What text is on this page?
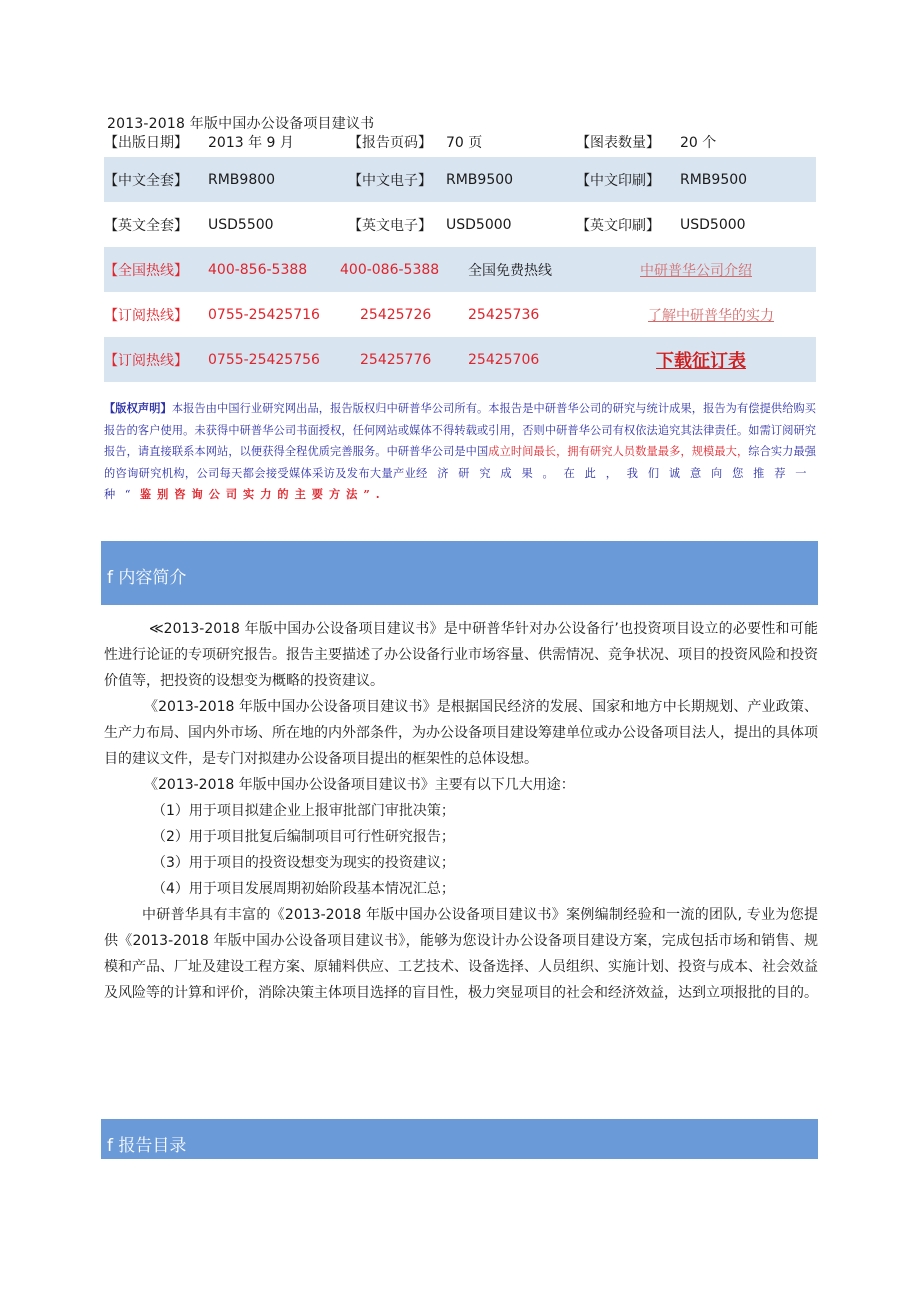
2013-2018 年版中国办公设备项目建议书
【出版日期】	2013 年 9 月	【报告页码】	70 页	【图表数量】	20 个
【中文全套】	RMB9800	【中文电子】	RMB9500	【中文印刷】	RMB9500
【英文全套】	USD5500	【英文电子】	USD5000	【英文印刷】	USD5000
【全国热线】	400-856-5388	400-086-5388	全国免费热线	中研普华公司介绍	
【订阅热线】	0755-25425716	25425726	25425736	了解中研普华的实力	
【订阅热线】	0755-25425756	25425776	25425706	下载征订表	
【版权声明】本报告由中国行业研究网出品，报告版权归中研普华公司所有。本报告是中研普华公司的研究与统计成果，报告为有偿提供给购买报告的客户使用。未获得中研普华公司书面授权，任何网站或媒体不得转载或引用，否则中研普华公司有权依法追究其法律责任。如需订阅研究报告，请直接联系本网站，以便获得全程优质完善服务。中研普华公司是中国成立时间最长，拥有研究人员数量最多，规模最大，综合实力最强的咨询研究机构，公司每天都会接受媒体采访及发布大量产业经济研究成果。在此，我们诚意向您推荐一种“鉴别咨询公司实力的主要方法”.
f 内容简介

≪2013-2018 年版中国办公设备项目建议书》是中研普华针对办公设备行’也投资项目设立的必要性和可能性进行论证的专项研究报告。报告主要描述了办公设备行业市场容量、供需情况、竞争状况、项目的投资风险和投资价值等，把投资的设想变为概略的投资建议。

《2013-2018 年版中国办公设备项目建议书》是根据国民经济的发展、国家和地方中长期规划、产业政策、生产力布局、国内外市场、所在地的内外部条件，为办公设备项目建设筹建单位或办公设备项目法人，提出的具体项目的建议文件，是专门对拟建办公设备项目提出的框架性的总体设想。

《2013-2018 年版中国办公设备项目建议书》主要有以下几大用途：

（1）用于项目拟建企业上报审批部门审批决策；

（2）用于项目批复后编制项目可行性研究报告；

（3）用于项目的投资设想变为现实的投资建议；

（4）用于项目发展周期初始阶段基本情况汇总；

中研普华具有丰富的《2013-2018 年版中国办公设备项目建议书》案例编制经验和一流的团队, 专业为您提供《2013-2018 年版中国办公设备项目建议书》，能够为您设计办公设备项目建设方案，完成包括市场和销售、规模和产品、厂址及建设工程方案、原辅料供应、工艺技术、设备选择、人员组织、实施计划、投资与成本、社会效益及风险等的计算和评价，消除决策主体项目选择的盲目性，极力突显项目的社会和经济效益，达到立项报批的目的。

f 报告目录
